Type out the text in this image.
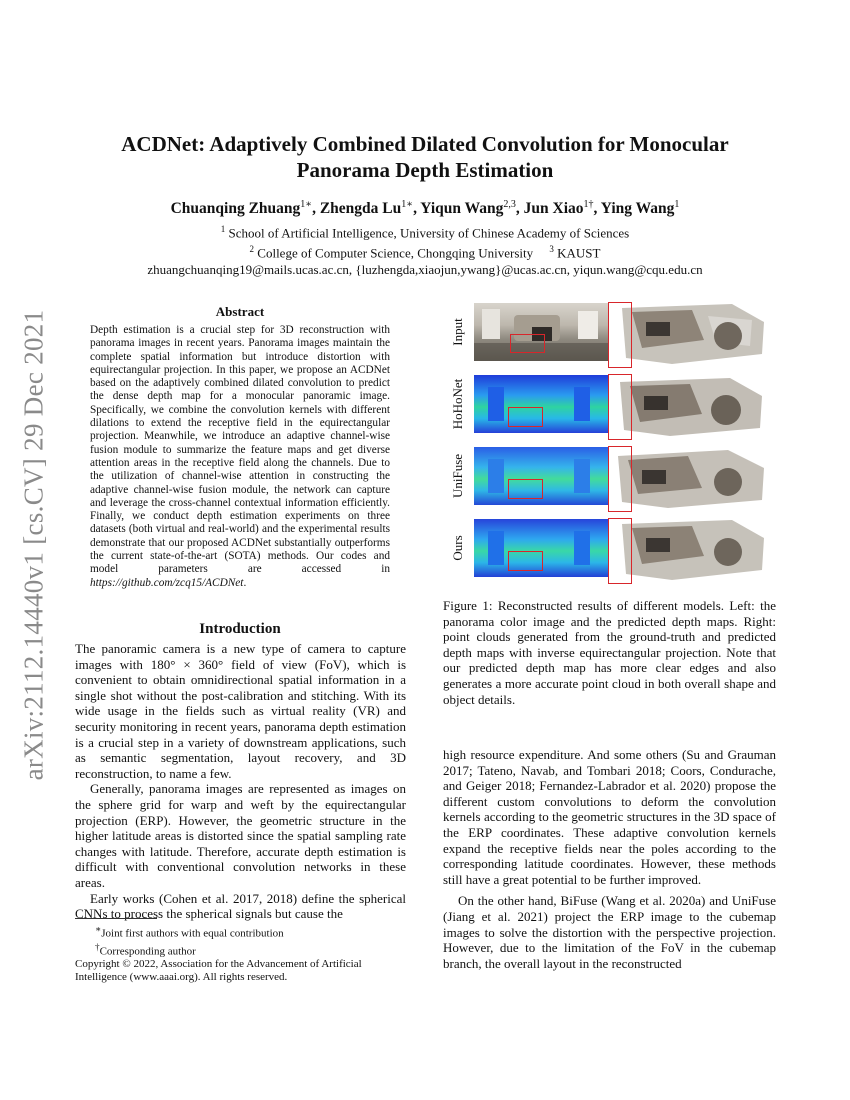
arXiv:2112.14440v1 [cs.CV] 29 Dec 2021
ACDNet: Adaptively Combined Dilated Convolution for Monocular Panorama Depth Estimation
Chuanqing Zhuang$^{1∗}$, Zhengda $Lu^{1∗}$, Yiqun Wang$^{2,3}$, Jun Xiao$^{1\dagger}$, Ying Wang$^1$
$^1$ School of Artificial Intelligence, University of Chinese Academy of Sciences
$^2$ College of Computer Science, Chongqing University $^3$ KAUST
zhuangchuanqing19@mails.ucas.ac.cn, {luzhengda,xiaojun,ywang}@ucas.ac.cn, yiqun.wang@cqu.edu.cn
Abstract
Depth estimation is a crucial step for 3D reconstruction with panorama images in recent years. Panorama images maintain the complete spatial information but introduce distortion with equirectangular projection. In this paper, we propose an ACDNet based on the adaptively combined dilated convolution to predict the dense depth map for a monocular panoramic image. Specifically, we combine the convolution kernels with different dilations to extend the receptive field in the equirectangular projection. Meanwhile, we introduce an adaptive channel-wise fusion module to summarize the feature maps and get diverse attention areas in the receptive field along the channels. Due to the utilization of channel-wise attention in constructing the adaptive channel-wise fusion module, the network can capture and leverage the cross-channel contextual information efficiently. Finally, we conduct depth estimation experiments on three datasets (both virtual and real-world) and the experimental results demonstrate that our proposed ACDNet substantially outperforms the current state-of-the-art (SOTA) methods. Our codes and model parameters are accessed in https://github.com/zcq15/ACDNet.
Introduction

The panoramic camera is a new type of camera to capture images with 180° × 360° field of view (FoV), which is convenient to obtain omnidirectional spatial information in a single shot without the post-calibration and stitching. With its wide usage in the fields such as virtual reality (VR) and security monitoring in recent years, panorama depth estimation is a crucial step in a variety of downstream applications, such as semantic segmentation, layout recovery, and 3D reconstruction, to name a few.

Generally, panorama images are represented as images on the sphere grid for warp and weft by the equirectangular projection (ERP). However, the geometric structure in the higher latitude areas is distorted since the spatial sampling rate changes with latitude. Therefore, accurate depth estimation is difficult with conventional convolution networks in these areas.

Early works (Cohen et al. 2017, 2018) define the spherical CNNs to process the spherical signals but cause the

∗Joint first authors with equal contribution
†Corresponding author
Copyright © 2022, Association for the Advancement of Artificial Intelligence (www.aaai.org). All rights reserved.
Input
HoHoNet
UniFuse
Ours
Figure 1: Reconstructed results of different models. Left: the panorama color image and the predicted depth maps. Right: point clouds generated from the ground-truth and predicted depth maps with inverse equirectangular projection. Note that our predicted depth map has more clear edges and also generates a more accurate point cloud in both overall shape and object details.

high resource expenditure. And some others (Su and Grauman 2017; Tateno, Navab, and Tombari 2018; Coors, Condurache, and Geiger 2018; Fernandez-Labrador et al. 2020) propose the different custom convolutions to deform the convolution kernels according to the geometric structures in the 3D space of the ERP coordinates. These adaptive convolution kernels expand the receptive fields near the poles according to the corresponding latitude coordinates. However, these methods still have a great potential to be further improved.

On the other hand, BiFuse (Wang et al. 2020a) and UniFuse (Jiang et al. 2021) project the ERP image to the cubemap images to solve the distortion with the perspective projection. However, due to the limitation of the FoV in the cubemap branch, the overall layout in the reconstructed
